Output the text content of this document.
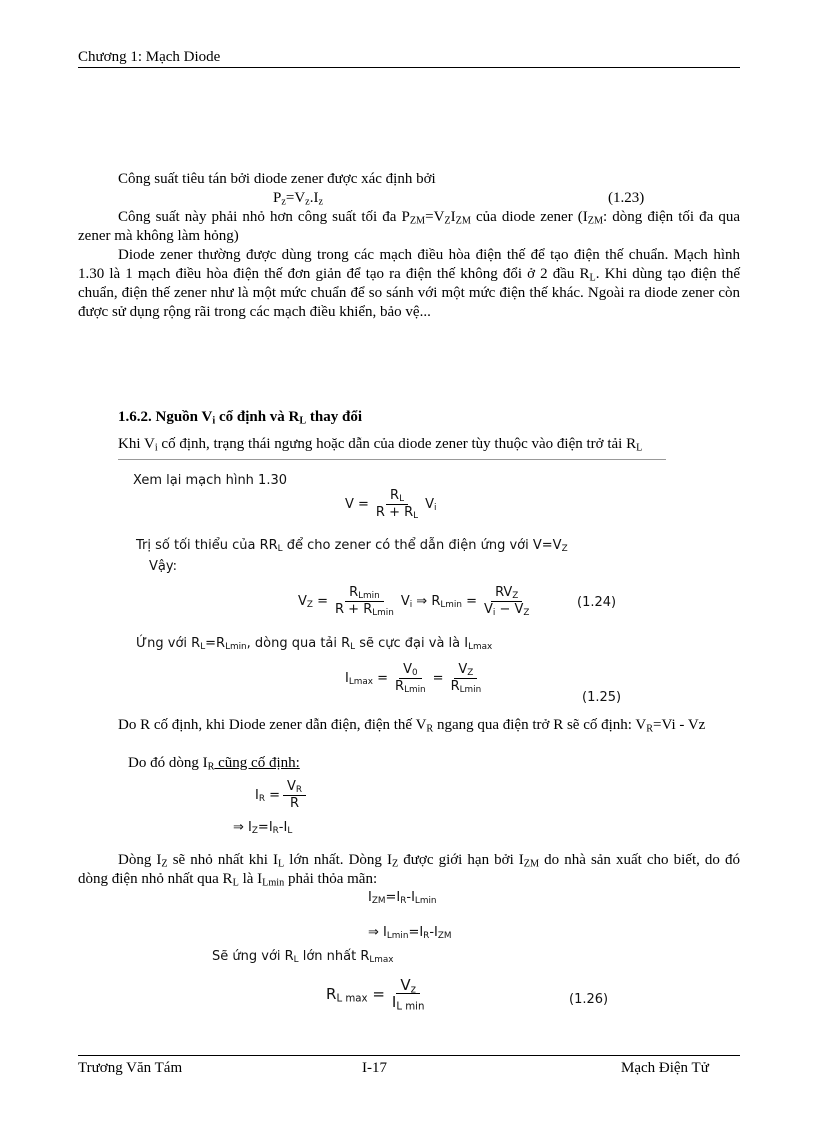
Chương 1: Mạch Diode
Công suất tiêu tán bởi diode zener được xác định bởi
$P_z=V_z.I_z$	(1.23)
Công suất này phải nhỏ hơn công suất tối đa $P_{ZM}=V_ZI_{ZM}$ của diode zener ($I_{ZM}$: dòng điện tối đa qua zener mà không làm hỏng)
Diode zener thường được dùng trong các mạch điều hòa điện thế để tạo điện thế chuẩn. Mạch hình 1.30 là 1 mạch điều hòa điện thế đơn giản để tạo ra điện thế không đổi ở 2 đầu $R_L$. Khi dùng tạo điện thế chuẩn, điện thế zener như là một mức chuẩn để so sánh với một mức điện thế khác. Ngoài ra diode zener còn được sử dụng rộng rãi trong các mạch điều khiển, bảo vệ...
1.6.2. Nguồn $V_i$ cố định và $R_L$ thay đổi
Khi $V_i$ cố định, trạng thái ngưng hoặc dẫn của diode zener tùy thuộc vào điện trở tải $R_L$
Xem lại mạch hình 1.30
$V = \frac{R_L}{R + R_L} V_i$
Trị số tối thiểu của $RR_L$ để cho zener có thể dẫn điện ứng với $V=V_Z$
Vậy:
$V_Z = \frac{R_{Lmin}}{R + R_{Lmin}} V_i$ ⇒ $R_{Lmin} = \frac{RV_Z}{V_i - V_Z}$	(1.24)
Ứng với $R_L=R_{Lmin}$, dòng qua tải $R_L$ sẽ cực đại và là $I_{Lmax}$
$I_{Lmax} = \frac{V_0}{R_{Lmin}} = \frac{V_Z}{R_{Lmin}}$
(1.25)
Do R cố định, khi Diode zener dẫn điện, điện thế $V_R$ ngang qua điện trở R sẽ cố định: $V_R=Vi - Vz$
Do đó dòng $I_R$ cũng cố định:
$I_R = \frac{V_R}{R}$
⇒ $I_Z=I_R-I_L$
Dòng $I_Z$ sẽ nhỏ nhất khi $I_L$ lớn nhất. Dòng $I_Z$ được giới hạn bởi $I_{ZM}$ do nhà sản xuất cho biết, do đó dòng điện nhỏ nhất qua $R_L$ là $I_{Lmin}$ phải thỏa mãn:
$I_{ZM}=I_R-I_{Lmin}$
⇒ $I_{Lmin}=I_R-I_{ZM}$
Sẽ ứng với $R_L$ lớn nhất $R_{Lmax}$
$R_{L max} = \frac{V_z}{I_{L min}}$	(1.26)
Trương Văn Tám	I-17	Mạch Điện Tử
